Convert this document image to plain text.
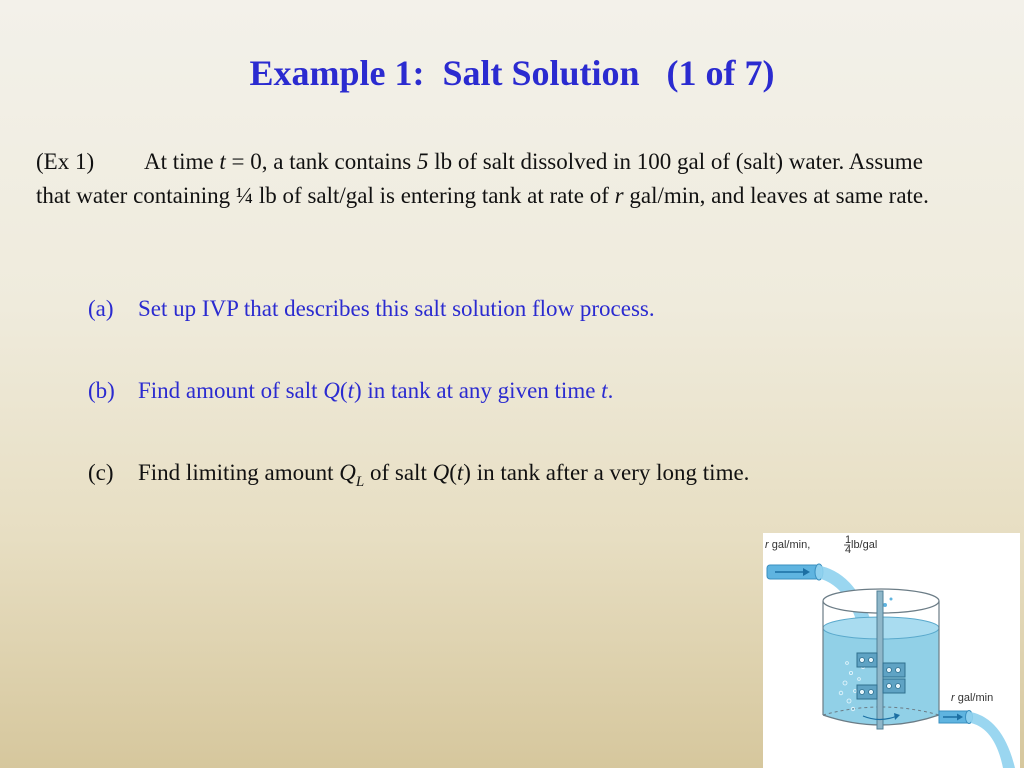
Example 1:  Salt Solution   (1 of 7)
(Ex 1) At time t = 0, a tank contains 5 lb of salt dissolved in 100 gal of (salt) water. Assume that water containing ¼ lb of salt/gal is entering tank at rate of r gal/min, and leaves at same rate.
(a) Set up IVP that describes this salt solution flow process.
(b) Find amount of salt Q(t) in tank at any given time t.
(c) Find limiting amount $Q_L$ of salt Q(t) in tank after a very long time.
r gal/min,	1
4 lb/gal
r gal/min
